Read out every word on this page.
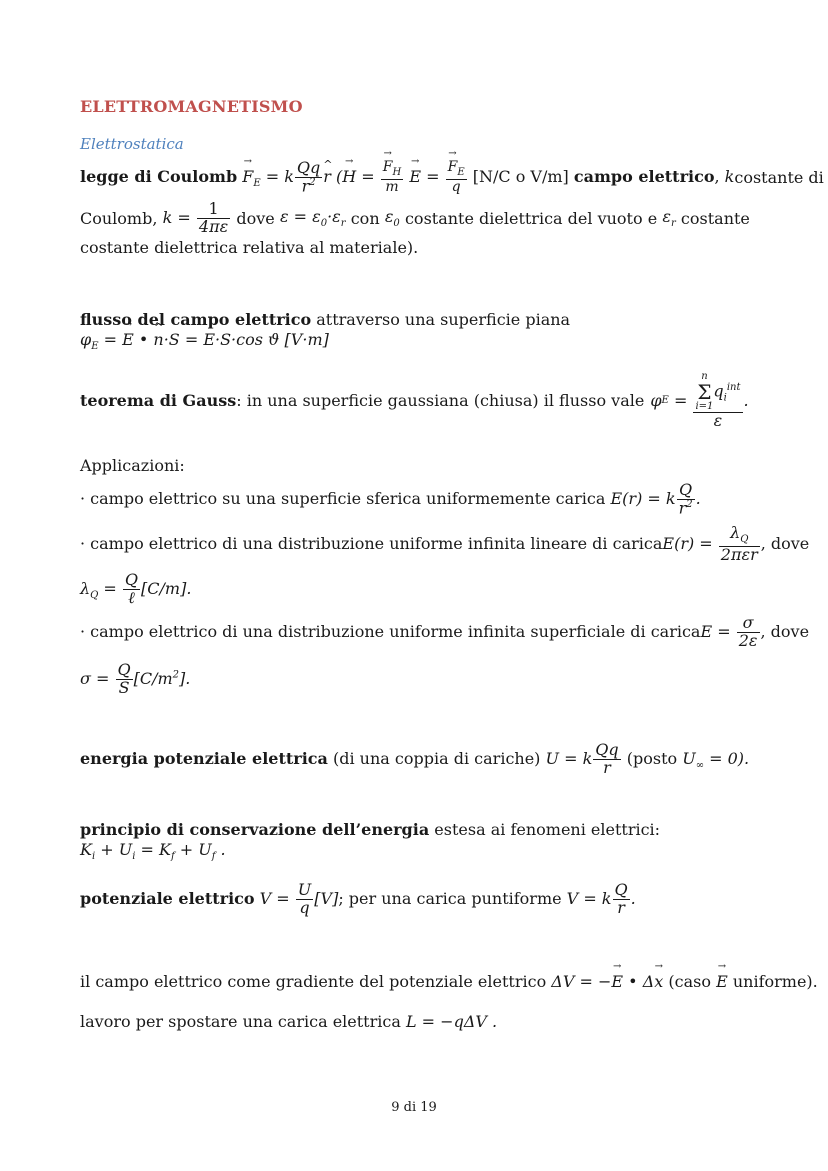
ELETTROMAGNETISMO
Elettrostatica
legge di Coulomb → $F_E = k \frac{Qq}{r^2}$
^ r (→ H =
→ $\frac{F_H}{m}$
→ E =
→ $\frac{F_E}{q} [N/C$ o V/m] campo elettrico, k costante di
Coulomb, $k = \frac{1}{4\pi\varepsilon}$ dove $\varepsilon = \varepsilon_0\cdot\varepsilon_r$ con $\varepsilon_0$ costante dielettrica del vuoto e $\varepsilon_r$ costante
costante dielettrica relativa al materiale).
flusso del campo elettrico attraverso una superficie piana $\varphi_E$ = → E • ^ n·S = E·S·cos ϑ [V·m]
teorema di Gauss: in una superficie gaussiana (chiusa) il flusso vale φ E = n
Σ
$i=1q_i^{int}$
ε .
Applicazioni:
· campo elettrico su una superficie sferica uniformemente carica E(r) = k $\frac{Q}{r^2}$ .
· campo elettrico di una distribuzione uniforme infinita lineare di carica $E(r) = \frac{\lambda_Q}{\text{2πεr}}$ , dove
$\lambda_Q = \frac{Q}{\text{ℓ}} [C/m]$.
· campo elettrico di una distribuzione uniforme infinita superficiale di carica $E = \frac{\sigma}{2\varepsilon}$ , dove
$\sigma = \frac{Q}{S} [C/m^2]$.
energia potenziale elettrica (di una coppia di cariche) U = k $\frac{Qq}{r}$ (posto $U_\infty = 0$).
principio di conservazione dell’energia estesa ai fenomeni elettrici: $K_i + U_i = K_f + U_f$ .
potenziale elettrico $V = \frac{U}{q} [V]$; per una carica puntiforme V = k $\frac{Q}{r}$ .
il campo elettrico come gradiente del potenziale elettrico ΔV = −→ E • Δ→ x (caso → E uniforme).
lavoro per spostare una carica elettrica L = −qΔV .
9 di 19
